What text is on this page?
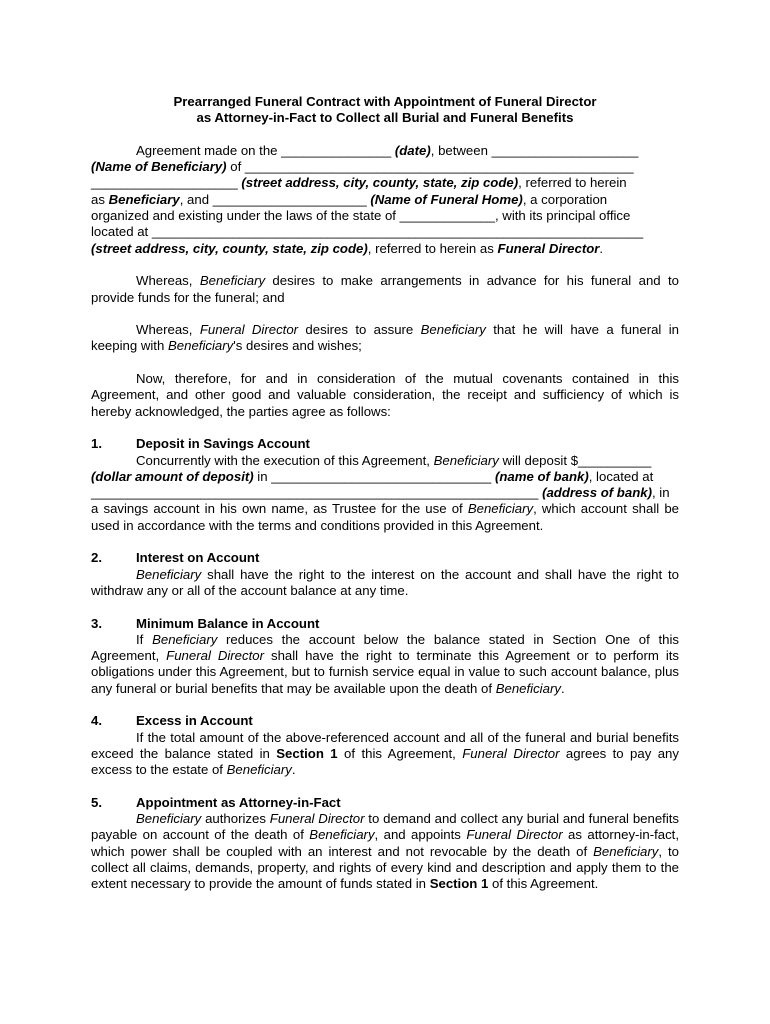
Prearranged Funeral Contract with Appointment of Funeral Director
as Attorney-in-Fact to Collect all Burial and Funeral Benefits
Agreement made on the _______________ (date), between ____________________
(Name of Beneficiary) of _____________________________________________________
____________________ (street address, city, county, state, zip code), referred to herein
as Beneficiary, and _____________________ (Name of Funeral Home), a corporation
organized and existing under the laws of the state of _____________, with its principal office
located at ___________________________________________________________________
(street address, city, county, state, zip code), referred to herein as Funeral Director.
Whereas, Beneficiary desires to make arrangements in advance for his funeral and to provide funds for the funeral; and
Whereas, Funeral Director desires to assure Beneficiary that he will have a funeral in keeping with Beneficiary's desires and wishes;
Now, therefore, for and in consideration of the mutual covenants contained in this Agreement, and other good and valuable consideration, the receipt and sufficiency of which is hereby acknowledged, the parties agree as follows:
1.	Deposit in Savings Account
Concurrently with the execution of this Agreement, Beneficiary will deposit $__________
(dollar amount of deposit) in ______________________________ (name of bank), located at
_____________________________________________________________ (address of bank), in
a savings account in his own name, as Trustee for the use of Beneficiary, which account shall be used in accordance with the terms and conditions provided in this Agreement.
2.	Interest on Account
Beneficiary shall have the right to the interest on the account and shall have the right to withdraw any or all of the account balance at any time.
3.	Minimum Balance in Account
If Beneficiary reduces the account below the balance stated in Section One of this Agreement, Funeral Director shall have the right to terminate this Agreement or to perform its obligations under this Agreement, but to furnish service equal in value to such account balance, plus any funeral or burial benefits that may be available upon the death of Beneficiary.
4.	Excess in Account
If the total amount of the above-referenced account and all of the funeral and burial benefits exceed the balance stated in Section 1 of this Agreement, Funeral Director agrees to pay any excess to the estate of Beneficiary.
5.	Appointment as Attorney-in-Fact
Beneficiary authorizes Funeral Director to demand and collect any burial and funeral benefits payable on account of the death of Beneficiary, and appoints Funeral Director as attorney-in-fact, which power shall be coupled with an interest and not revocable by the death of Beneficiary, to collect all claims, demands, property, and rights of every kind and description and apply them to the extent necessary to provide the amount of funds stated in Section 1 of this Agreement.
